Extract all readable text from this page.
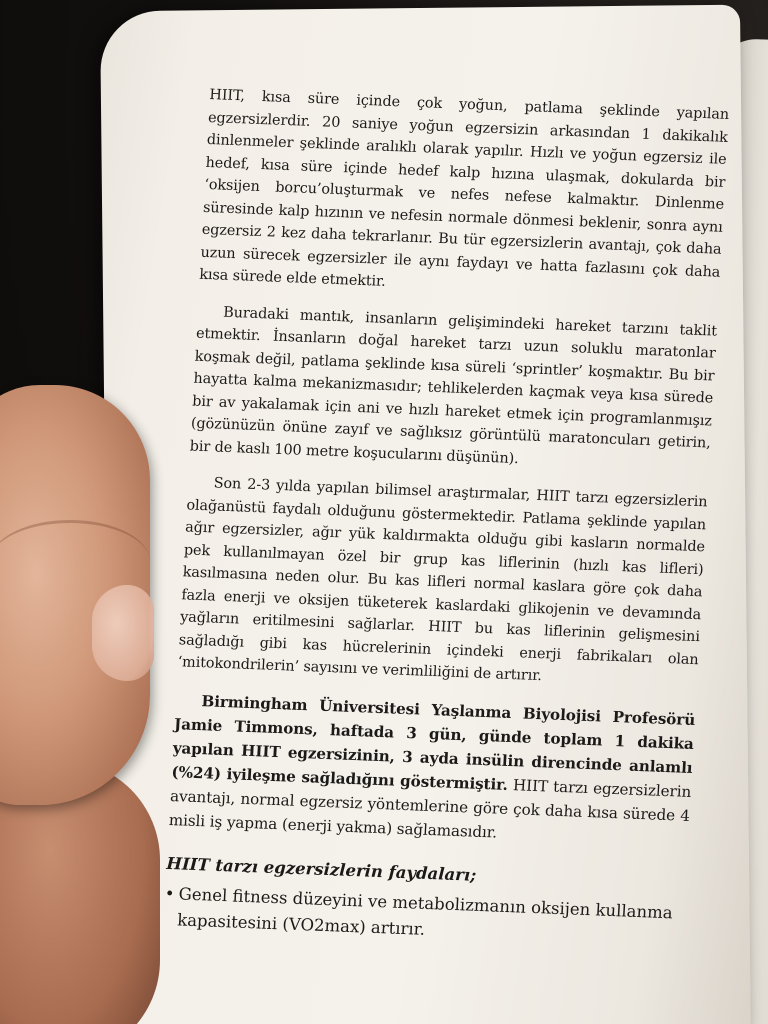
HIIT, kısa süre içinde çok yoğun, patlama şeklinde yapılan egzersizlerdir. 20 saniye yoğun egzersizin arkasından 1 dakikalık dinlenmeler şeklinde aralıklı olarak yapılır. Hızlı ve yoğun egzersiz ile hedef, kısa süre içinde hedef kalp hızına ulaşmak, dokularda bir ‘oksijen borcu’oluşturmak ve nefes nefese kalmaktır. Dinlenme süresinde kalp hızının ve nefesin normale dönmesi beklenir, sonra aynı egzersiz 2 kez daha tekrarlanır. Bu tür egzersizlerin avantajı, çok daha uzun sürecek egzersizler ile aynı faydayı ve hatta fazlasını çok daha kısa sürede elde etmektir.

Buradaki mantık, insanların gelişimindeki hareket tarzını taklit etmektir. İnsanların doğal hareket tarzı uzun soluklu maratonlar koşmak değil, patlama şeklinde kısa süreli ‘sprintler’ koşmaktır. Bu bir hayatta kalma mekanizmasıdır; tehlikelerden kaçmak veya kısa sürede bir av yakalamak için ani ve hızlı hareket etmek için programlanmışız (gözünüzün önüne zayıf ve sağlıksız görüntülü maratoncuları getirin, bir de kaslı 100 metre koşucularını düşünün).

Son 2-3 yılda yapılan bilimsel araştırmalar, HIIT tarzı egzersizlerin olağanüstü faydalı olduğunu göstermektedir. Patlama şeklinde yapılan ağır egzersizler, ağır yük kaldırmakta olduğu gibi kasların normalde pek kullanılmayan özel bir grup kas liflerinin (hızlı kas lifleri) kasılmasına neden olur. Bu kas lifleri normal kaslara göre çok daha fazla enerji ve oksijen tüketerek kaslardaki glikojenin ve devamında yağların eritilmesini sağlarlar. HIIT bu kas liflerinin gelişmesini sağladığı gibi kas hücrelerinin içindeki enerji fabrikaları olan ‘mitokondrilerin’ sayısını ve verimliliğini de artırır.

Birmingham Üniversitesi Yaşlanma Biyolojisi Profesörü Jamie Timmons, haftada 3 gün, günde toplam 1 dakika yapılan HIIT egzersizinin, 3 ayda insülin direncinde anlamlı (%24) iyileşme sağladığını göstermiştir. HIIT tarzı egzersizlerin avantajı, normal egzersiz yöntemlerine göre çok daha kısa sürede 4 misli iş yapma (enerji yakma) sağlamasıdır.

HIIT tarzı egzersizlerin faydaları;
• Genel fitness düzeyini ve metabolizmanın oksijen kullanma kapasitesini (VO2max) artırır.
